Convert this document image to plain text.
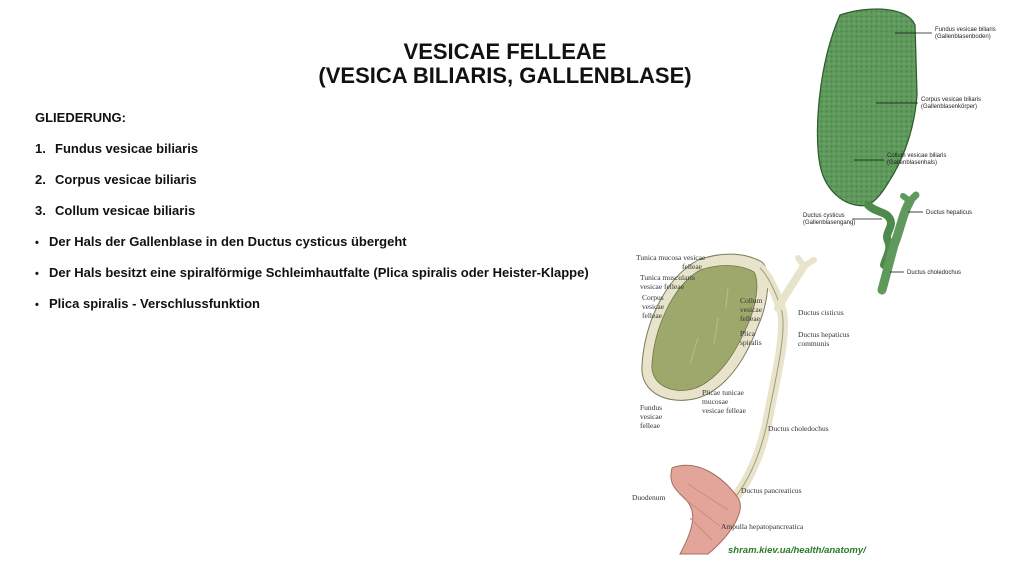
VESICAE FELLEAE
(VESICA BILIARIS, GALLENBLASE)
GLIEDERUNG:
1. Fundus vesicae biliaris
2. Corpus vesicae biliaris
3. Collum vesicae biliaris
• Der Hals der Gallenblase in den Ductus cysticus übergeht
• Der Hals besitzt eine spiralförmige Schleimhautfalte (Plica spiralis oder Heister-Klappe)
• Plica spiralis - Verschlussfunktion
Fundus vesicae biliaris
(Gallenblasenboden)
Corpus vesicae biliaris
(Gallenblasenkörper)
Collum vesicae biliaris
(Gallenblasenhals)
Ductus hepaticus
Ductus cysticus
(Gallenblasengang)
Ductus choledochus
Tunica mucosa vesicae
felleae
Tunica muscularis
vesicae felleae
Corpus
vesicae
felleae
Fundus
vesicae
felleae
Duodenum
Collum
vesicae
felleae
Plica
spiralis
Plicae tunicae
mucosae
vesicae felleae
Ductus cisticus
Ductus hepaticus
communis
Ductus choledochus
Ductus pancreaticus
Ampulla hepatopancreatica
shram.kiev.ua/health/anatomy/
